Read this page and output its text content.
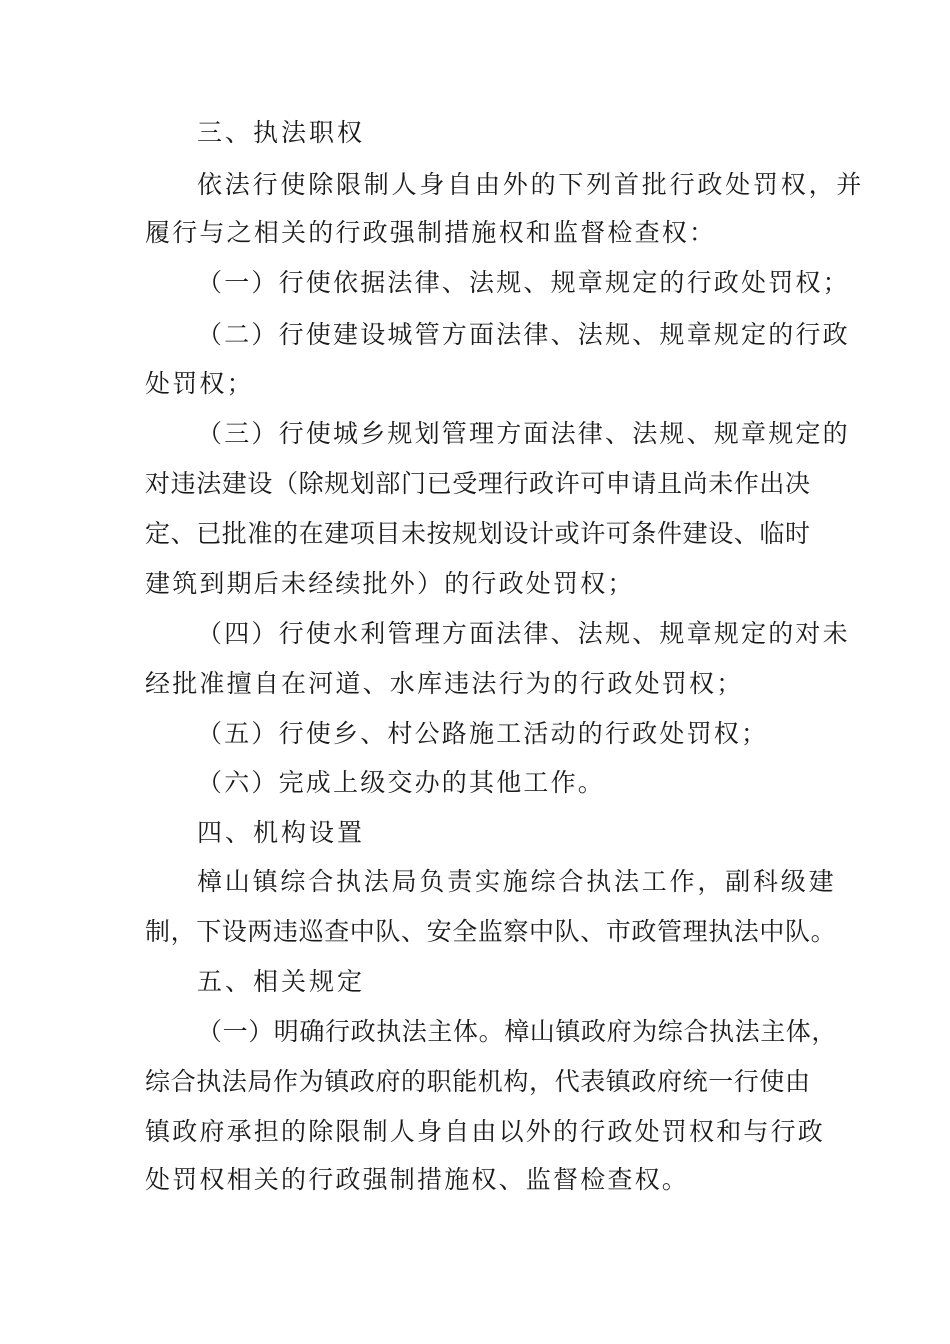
三、执法职权
依法行使除限制人身自由外的下列首批行政处罚权，并
履行与之相关的行政强制措施权和监督检查权：
（一）行使依据法律、法规、规章规定的行政处罚权；
（二）行使建设城管方面法律、法规、规章规定的行政
处罚权；
（三）行使城乡规划管理方面法律、法规、规章规定的
对违法建设（除规划部门已受理行政许可申请且尚未作出决
定、已批准的在建项目未按规划设计或许可条件建设、临时
建筑到期后未经续批外）的行政处罚权；
（四）行使水利管理方面法律、法规、规章规定的对未
经批准擅自在河道、水库违法行为的行政处罚权；
（五）行使乡、村公路施工活动的行政处罚权；
（六）完成上级交办的其他工作。
四、机构设置
樟山镇综合执法局负责实施综合执法工作，副科级建
制，下设两违巡查中队、安全监察中队、市政管理执法中队。
五、相关规定
（一）明确行政执法主体。樟山镇政府为综合执法主体，
综合执法局作为镇政府的职能机构，代表镇政府统一行使由
镇政府承担的除限制人身自由以外的行政处罚权和与行政
处罚权相关的行政强制措施权、监督检查权。
